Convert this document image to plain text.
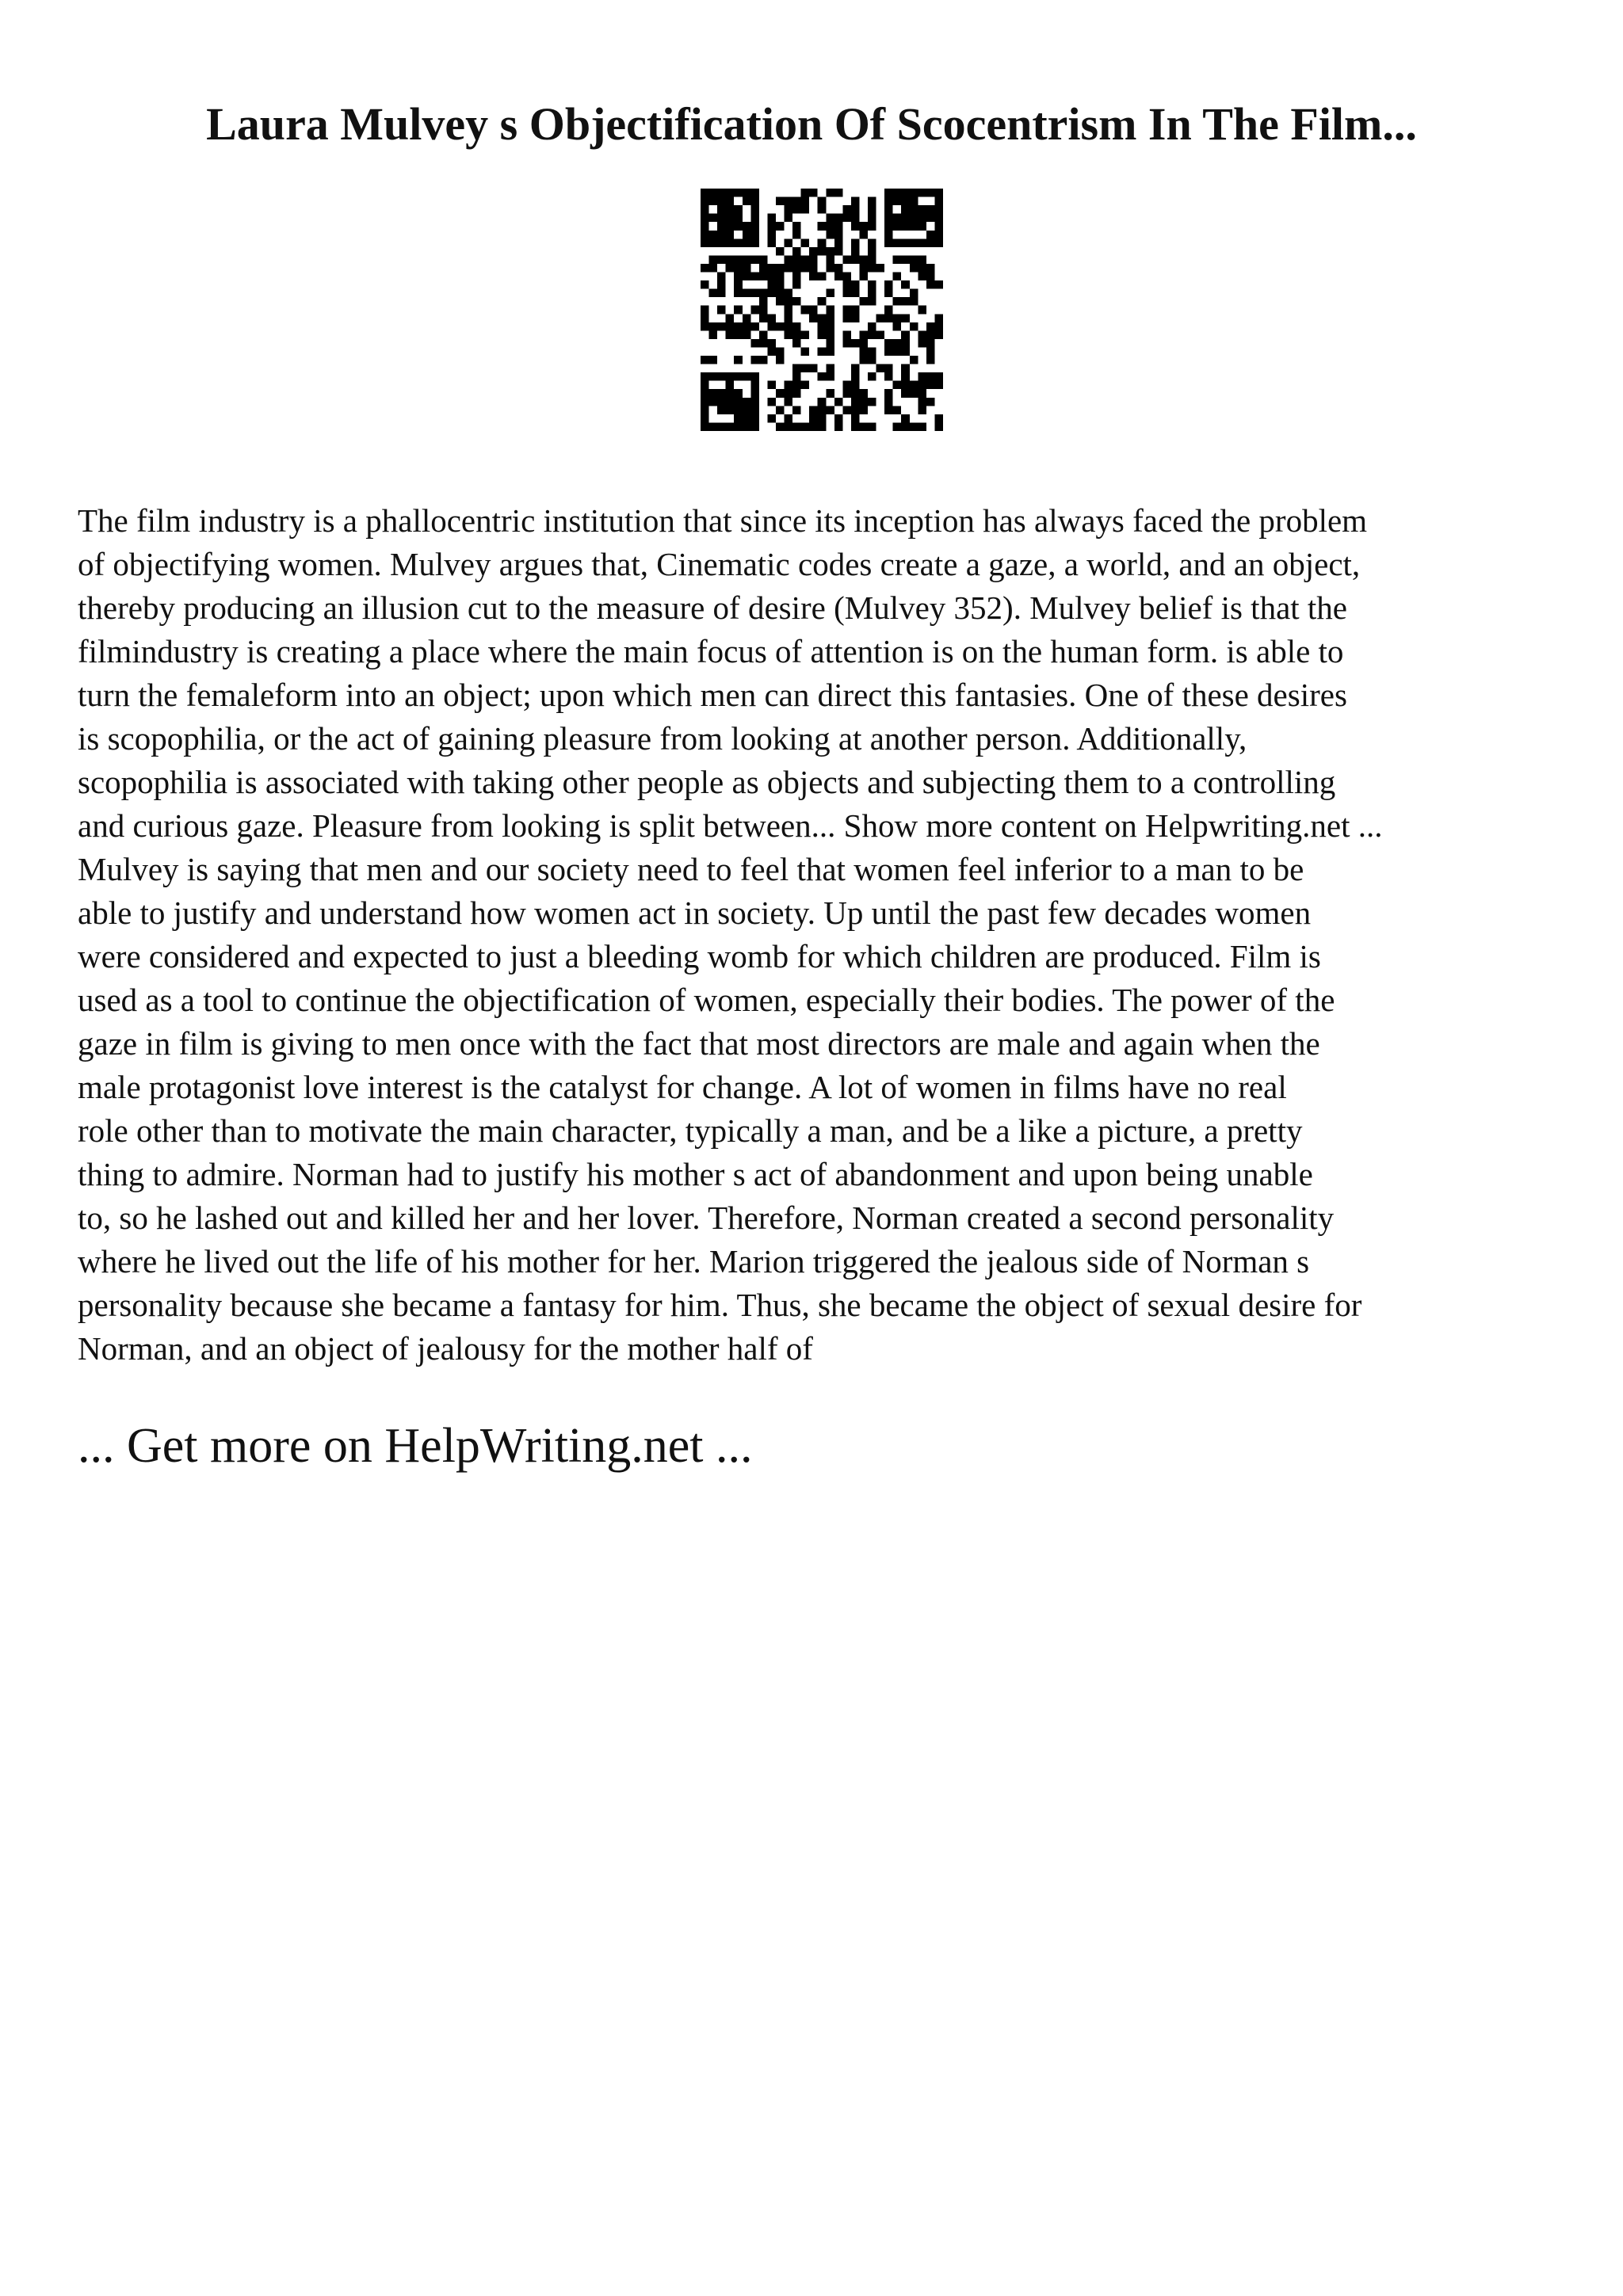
Laura Mulvey s Objectification Of Scocentrism In The Film...
The film industry is a phallocentric institution that since its inception has always faced the problem
of objectifying women. Mulvey argues that, Cinematic codes create a gaze, a world, and an object,
thereby producing an illusion cut to the measure of desire (Mulvey 352). Mulvey belief is that the
filmindustry is creating a place where the main focus of attention is on the human form. is able to
turn the femaleform into an object; upon which men can direct this fantasies. One of these desires
is scopophilia, or the act of gaining pleasure from looking at another person. Additionally,
scopophilia is associated with taking other people as objects and subjecting them to a controlling
and curious gaze. Pleasure from looking is split between... Show more content on Helpwriting.net ...
Mulvey is saying that men and our society need to feel that women feel inferior to a man to be
able to justify and understand how women act in society. Up until the past few decades women
were considered and expected to just a bleeding womb for which children are produced. Film is
used as a tool to continue the objectification of women, especially their bodies. The power of the
gaze in film is giving to men once with the fact that most directors are male and again when the
male protagonist love interest is the catalyst for change. A lot of women in films have no real
role other than to motivate the main character, typically a man, and be a like a picture, a pretty
thing to admire. Norman had to justify his mother s act of abandonment and upon being unable
to, so he lashed out and killed her and her lover. Therefore, Norman created a second personality
where he lived out the life of his mother for her. Marion triggered the jealous side of Norman s
personality because she became a fantasy for him. Thus, she became the object of sexual desire for
Norman, and an object of jealousy for the mother half of
... Get more on HelpWriting.net ...
